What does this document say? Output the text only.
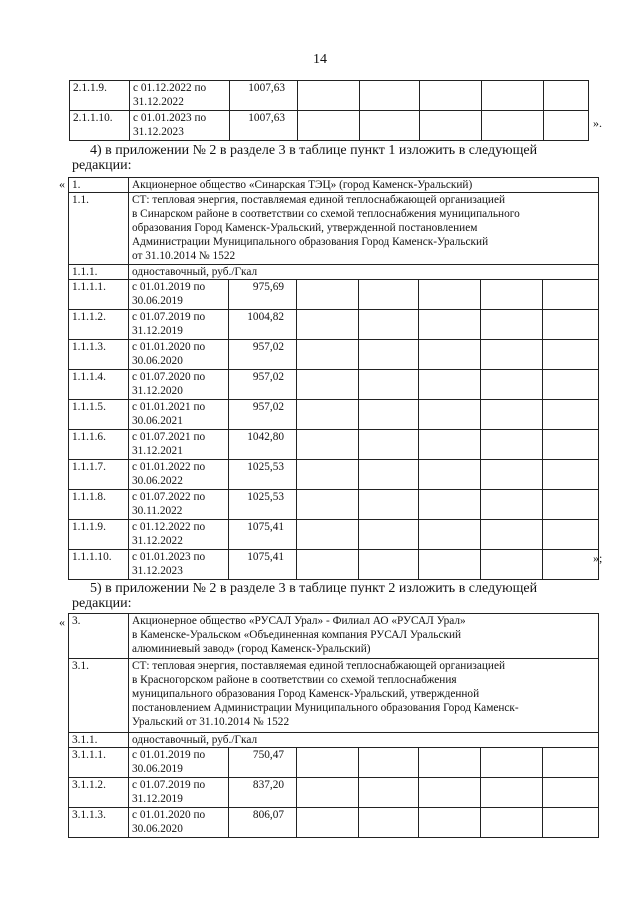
14
2.1.1.9.	с 01.12.2022 по
31.12.2022	1007,63					
2.1.1.10.	с 01.01.2023 по
31.12.2023	1007,63						».
4) в приложении № 2 в разделе 3 в таблице пункт 1 изложить в следующей
редакции:
« 1.	Акционерное общество «Синарская ТЭЦ» (город Каменск-Уральский)						
1.1.	СТ: тепловая энергия, поставляемая единой теплоснабжающей организацией
в Синарском районе в соответствии со схемой теплоснабжения муниципального
образования Город Каменск-Уральский, утвержденной постановлением
Администрации Муниципального образования Город Каменск-Уральский
от 31.10.2014 № 1522						

1.1.1.	одноставочный, руб./Гкал						
1.1.1.1.	с 01.01.2019 по
30.06.2019	975,69					
1.1.1.2.	с 01.07.2019 по
31.12.2019	1004,82					
1.1.1.3.	с 01.01.2020 по
30.06.2020	957,02					
1.1.1.4.	с 01.07.2020 по
31.12.2020	957,02					
1.1.1.5.	с 01.01.2021 по
30.06.2021	957,02					
1.1.1.6.	с 01.07.2021 по
31.12.2021	1042,80					
1.1.1.7.	с 01.01.2022 по
30.06.2022	1025,53					
1.1.1.8.	с 01.07.2022 по
30.11.2022	1025,53					
1.1.1.9.	с 01.12.2022 по
31.12.2022	1075,41					
1.1.1.10.	с 01.01.2023 по
31.12.2023	1075,41						»;
5) в приложении № 2 в разделе 3 в таблице пункт 2 изложить в следующей
редакции:
« 3.	Акционерное общество «РУСАЛ Урал» - Филиал АО «РУСАЛ Урал»
в Каменске-Уральском «Объединенная компания РУСАЛ Уральский
алюминиевый завод» (город Каменск-Уральский)						

3.1.	СТ: тепловая энергия, поставляемая единой теплоснабжающей организацией
в Красногорском районе в соответствии со схемой теплоснабжения
муниципального образования Город Каменск-Уральский, утвержденной
постановлением Администрации Муниципального образования Город Каменск-
Уральский от 31.10.2014 № 1522						

3.1.1.	одноставочный, руб./Гкал						
3.1.1.1.	с 01.01.2019 по
30.06.2019	750,47					
3.1.1.2.	с 01.07.2019 по
31.12.2019	837,20					
3.1.1.3.	с 01.01.2020 по
30.06.2020	806,07					
